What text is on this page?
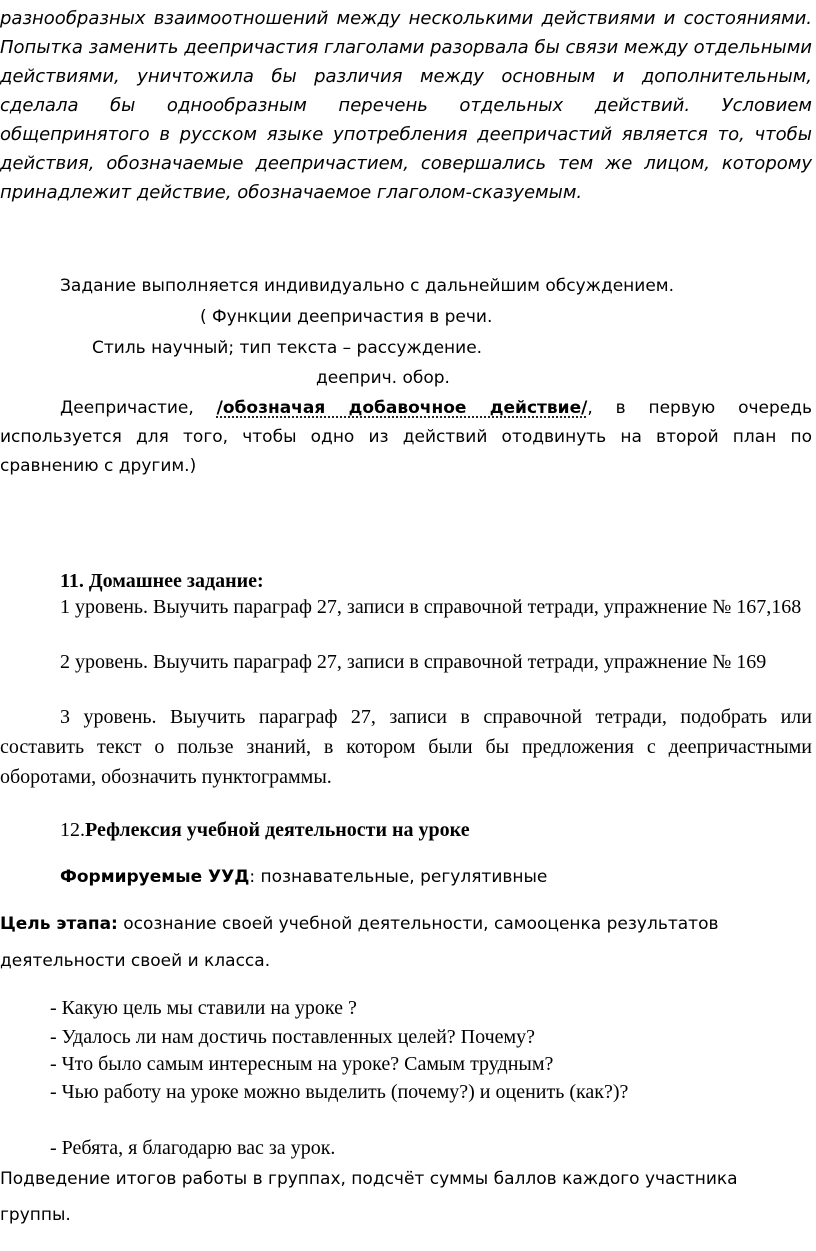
разнообразных взаимоотношений между несколькими действиями и состояниями. Попытка заменить деепричастия глаголами разорвала бы связи между отдельными действиями, уничтожила бы различия между основным и дополнительным, сделала бы однообразным перечень отдельных действий. Условием общепринятого в русском языке употребления деепричастий является то, чтобы действия, обозначаемые деепричастием, совершались тем же лицом, которому принадлежит действие, обозначаемое глаголом-сказуемым.

Задание выполняется индивидуально с дальнейшим обсуждением.
( Функции деепричастия в речи.
Стиль научный; тип текста – рассуждение.
дееприч. обор.

Деепричастие, /обозначая добавочное действие/, в первую очередь используется для того, чтобы одно из действий отодвинуть на второй план по сравнению с другим.)

11. Домашнее задание:

1 уровень. Выучить параграф 27, записи в справочной тетради, упражнение № 167,168

2 уровень. Выучить параграф 27, записи в справочной тетради, упражнение № 169

3 уровень. Выучить параграф 27, записи в справочной тетради, подобрать или составить текст о пользе знаний, в котором были бы предложения с деепричастными оборотами, обозначить пунктограммы.

12.Рефлексия учебной деятельности на уроке
Формируемые УУД: познавательные, регулятивные

Цель этапа: осознание своей учебной деятельности, самооценка результатов деятельности своей и класса.

- Какую цель мы ставили на уроке ?
- Удалось ли нам достичь поставленных целей? Почему?
- Что было самым интересным на уроке? Самым трудным?
- Чью работу на уроке можно выделить (почему?) и оценить (как?)?
- Ребята, я благодарю вас за урок.

Подведение итогов работы в группах, подсчёт суммы баллов каждого участника группы.
